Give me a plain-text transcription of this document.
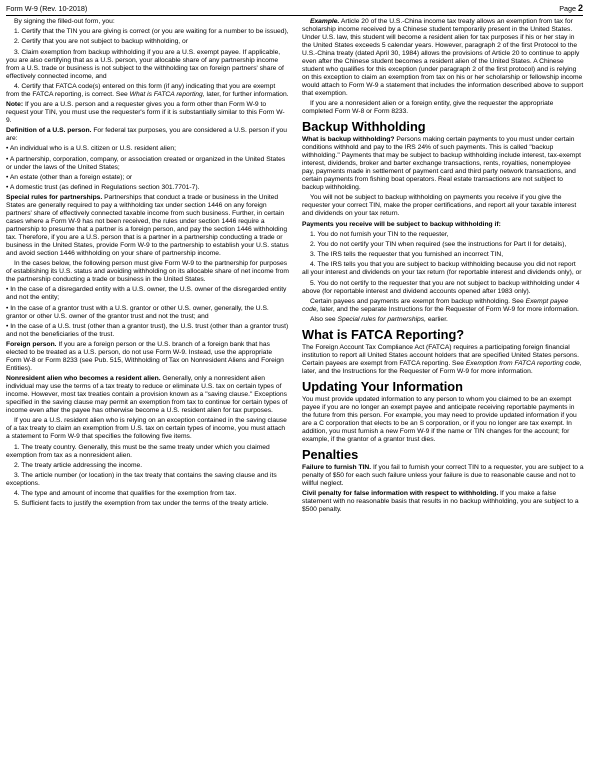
Form W-9 (Rev. 10-2018)	Page 2

By signing the filled-out form, you:

1. Certify that the TIN you are giving is correct (or you are waiting for a number to be issued),

2. Certify that you are not subject to backup withholding, or

3. Claim exemption from backup withholding if you are a U.S. exempt payee. If applicable, you are also certifying that as a U.S. person, your allocable share of any partnership income from a U.S. trade or business is not subject to the withholding tax on foreign partners' share of effectively connected income, and

4. Certify that FATCA code(s) entered on this form (if any) indicating that you are exempt from the FATCA reporting, is correct. See What is FATCA reporting, later, for further information.

Note: If you are a U.S. person and a requester gives you a form other than Form W-9 to request your TIN, you must use the requester's form if it is substantially similar to this Form W-9.

Definition of a U.S. person. For federal tax purposes, you are considered a U.S. person if you are:

• An individual who is a U.S. citizen or U.S. resident alien;

• A partnership, corporation, company, or association created or organized in the United States or under the laws of the United States;

• An estate (other than a foreign estate); or

• A domestic trust (as defined in Regulations section 301.7701-7).

Special rules for partnerships. Partnerships that conduct a trade or business in the United States are generally required to pay a withholding tax under section 1446 on any foreign partners' share of effectively connected taxable income from such business. Further, in certain cases where a Form W-9 has not been received, the rules under section 1446 require a partnership to presume that a partner is a foreign person, and pay the section 1446 withholding tax. Therefore, if you are a U.S. person that is a partner in a partnership conducting a trade or business in the United States, provide Form W-9 to the partnership to establish your U.S. status and avoid section 1446 withholding on your share of partnership income.

In the cases below, the following person must give Form W-9 to the partnership for purposes of establishing its U.S. status and avoiding withholding on its allocable share of net income from the partnership conducting a trade or business in the United States.

• In the case of a disregarded entity with a U.S. owner, the U.S. owner of the disregarded entity and not the entity;

• In the case of a grantor trust with a U.S. grantor or other U.S. owner, generally, the U.S. grantor or other U.S. owner of the grantor trust and not the trust; and

• In the case of a U.S. trust (other than a grantor trust), the U.S. trust (other than a grantor trust) and not the beneficiaries of the trust.

Foreign person. If you are a foreign person or the U.S. branch of a foreign bank that has elected to be treated as a U.S. person, do not use Form W-9. Instead, use the appropriate Form W-8 or Form 8233 (see Pub. 515, Withholding of Tax on Nonresident Aliens and Foreign Entities).

Nonresident alien who becomes a resident alien. Generally, only a nonresident alien individual may use the terms of a tax treaty to reduce or eliminate U.S. tax on certain types of income. However, most tax treaties contain a provision known as a "saving clause." Exceptions specified in the saving clause may permit an exemption from tax to continue for certain types of income even after the payee has otherwise become a U.S. resident alien for tax purposes.

If you are a U.S. resident alien who is relying on an exception contained in the saving clause of a tax treaty to claim an exemption from U.S. tax on certain types of income, you must attach a statement to Form W-9 that specifies the following five items.

1. The treaty country. Generally, this must be the same treaty under which you claimed exemption from tax as a nonresident alien.

2. The treaty article addressing the income.

3. The article number (or location) in the tax treaty that contains the saving clause and its exceptions.

4. The type and amount of income that qualifies for the exemption from tax.

5. Sufficient facts to justify the exemption from tax under the terms of the treaty article.

Example. Article 20 of the U.S.-China income tax treaty allows an exemption from tax for scholarship income received by a Chinese student temporarily present in the United States. Under U.S. law, this student will become a resident alien for tax purposes if his or her stay in the United States exceeds 5 calendar years. However, paragraph 2 of the first Protocol to the U.S.-China treaty (dated April 30, 1984) allows the provisions of Article 20 to continue to apply even after the Chinese student becomes a resident alien of the United States. A Chinese student who qualifies for this exception (under paragraph 2 of the first protocol) and is relying on this exception to claim an exemption from tax on his or her scholarship or fellowship income would attach to Form W-9 a statement that includes the information described above to support that exemption.

If you are a nonresident alien or a foreign entity, give the requester the appropriate completed Form W-8 or Form 8233.

Backup Withholding

What is backup withholding? Persons making certain payments to you must under certain conditions withhold and pay to the IRS 24% of such payments. This is called "backup withholding." Payments that may be subject to backup withholding include interest, tax-exempt interest, dividends, broker and barter exchange transactions, rents, royalties, nonemployee pay, payments made in settlement of payment card and third party network transactions, and certain payments from fishing boat operators. Real estate transactions are not subject to backup withholding.

You will not be subject to backup withholding on payments you receive if you give the requester your correct TIN, make the proper certifications, and report all your taxable interest and dividends on your tax return.

Payments you receive will be subject to backup withholding if:

1. You do not furnish your TIN to the requester,

2. You do not certify your TIN when required (see the instructions for Part II for details),

3. The IRS tells the requester that you furnished an incorrect TIN,

4. The IRS tells you that you are subject to backup withholding because you did not report all your interest and dividends on your tax return (for reportable interest and dividends only), or

5. You do not certify to the requester that you are not subject to backup withholding under 4 above (for reportable interest and dividend accounts opened after 1983 only).

Certain payees and payments are exempt from backup withholding. See Exempt payee code, later, and the separate Instructions for the Requester of Form W-9 for more information.

Also see Special rules for partnerships, earlier.

What is FATCA Reporting?

The Foreign Account Tax Compliance Act (FATCA) requires a participating foreign financial institution to report all United States account holders that are specified United States persons. Certain payees are exempt from FATCA reporting. See Exemption from FATCA reporting code, later, and the Instructions for the Requester of Form W-9 for more information.

Updating Your Information

You must provide updated information to any person to whom you claimed to be an exempt payee if you are no longer an exempt payee and anticipate receiving reportable payments in the future from this person. For example, you may need to provide updated information if you are a C corporation that elects to be an S corporation, or if you no longer are tax exempt. In addition, you must furnish a new Form W-9 if the name or TIN changes for the account; for example, if the grantor of a grantor trust dies.

Penalties

Failure to furnish TIN. If you fail to furnish your correct TIN to a requester, you are subject to a penalty of $50 for each such failure unless your failure is due to reasonable cause and not to willful neglect.

Civil penalty for false information with respect to withholding. If you make a false statement with no reasonable basis that results in no backup withholding, you are subject to a $500 penalty.
